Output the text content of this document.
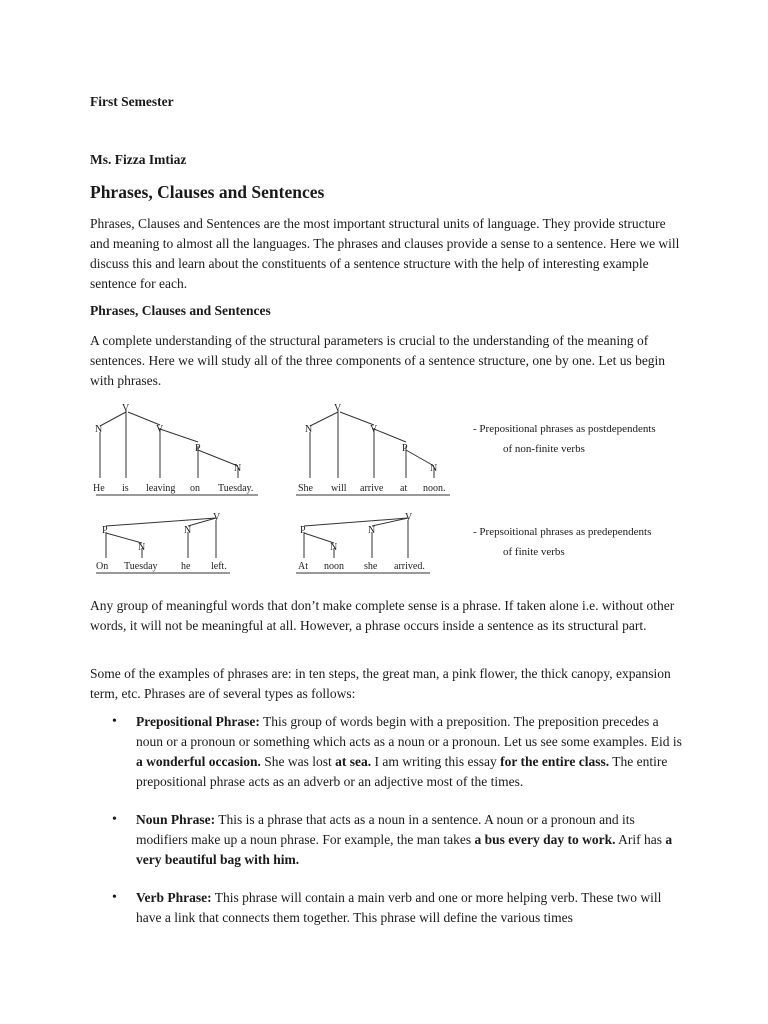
First Semester
Ms. Fizza Imtiaz
Phrases, Clauses and Sentences
Phrases, Clauses and Sentences are the most important structural units of language. They provide structure and meaning to almost all the languages. The phrases and clauses provide a sense to a sentence. Here we will discuss this and learn about the constituents of a sentence structure with the help of interesting example sentence for each.
Phrases, Clauses and Sentences
A complete understanding of the structural parameters is crucial to the understanding of the meaning of sentences. Here we will study all of the three components of a sentence structure, one by one. Let us begin with phrases.
V
N	V
P
N
He is leaving on Tuesday.
V
N	V
P
N
She will arrive at noon.
V
P	N
N
On Tuesday he left.
V
P	N
N
At noon she arrived.
- Prepositional phrases as postdependents
of non-finite verbs
- Prepsoitional phrases as predependents
of finite verbs
Any group of meaningful words that don’t make complete sense is a phrase. If taken alone i.e. without other words, it will not be meaningful at all. However, a phrase occurs inside a sentence as its structural part.
Some of the examples of phrases are: in ten steps, the great man, a pink flower, the thick canopy, expansion term, etc. Phrases are of several types as follows:
• Prepositional Phrase: This group of words begin with a preposition. The preposition precedes a noun or a pronoun or something which acts as a noun or a pronoun. Let us see some examples. Eid is a wonderful occasion. She was lost at sea. I am writing this essay for the entire class. The entire prepositional phrase acts as an adverb or an adjective most of the times.
• Noun Phrase: This is a phrase that acts as a noun in a sentence. A noun or a pronoun and its modifiers make up a noun phrase. For example, the man takes a bus every day to work. Arif has a very beautiful bag with him.
• Verb Phrase: This phrase will contain a main verb and one or more helping verb. These two will have a link that connects them together. This phrase will define the various times
